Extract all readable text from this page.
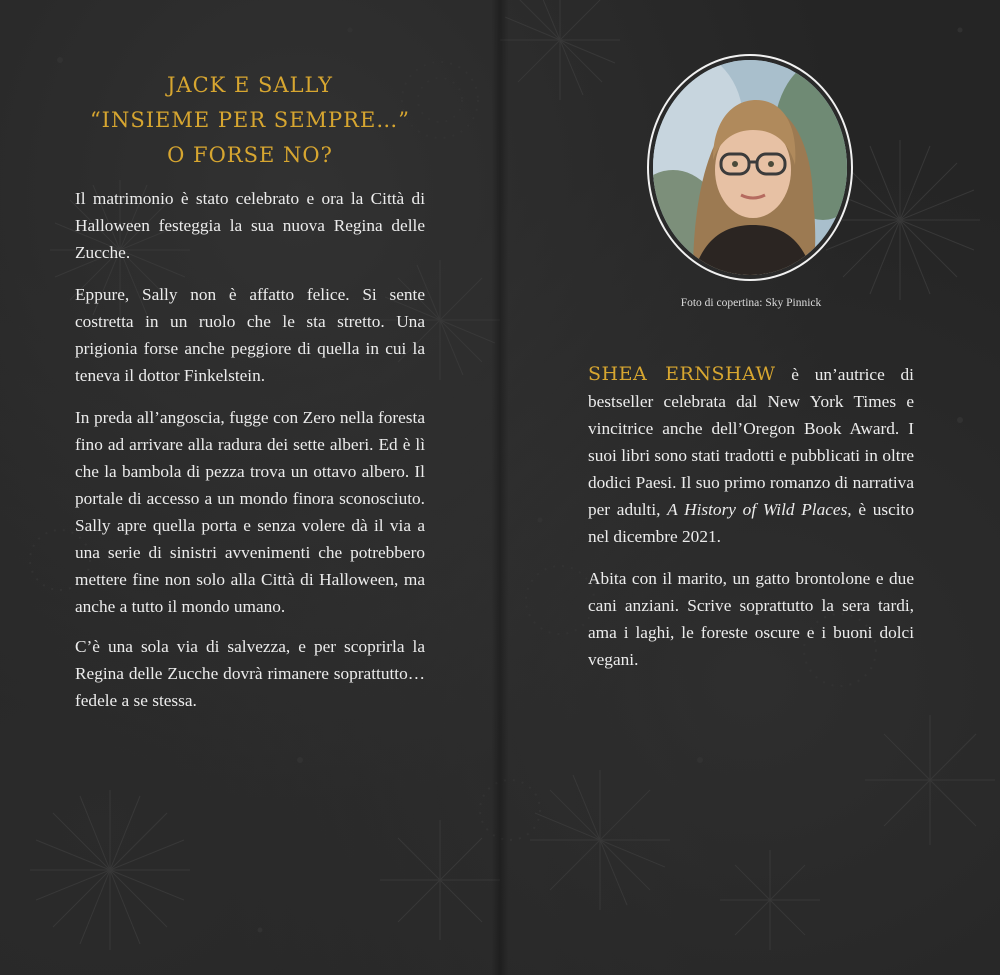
JACK E SALLY
“INSIEME PER SEMPRE…”
O FORSE NO?

Il matrimonio è stato celebrato e ora la Città di Halloween festeggia la sua nuova Regina delle Zucche.

Eppure, Sally non è affatto felice. Si sente costretta in un ruolo che le sta stretto. Una prigionia forse anche peggiore di quella in cui la teneva il dottor Finkelstein.

In preda all’angoscia, fugge con Zero nella foresta fino ad arrivare alla radura dei sette alberi. Ed è lì che la bambola di pezza trova un ottavo albero. Il portale di accesso a un mondo finora sconosciuto. Sally apre quella porta e senza volere dà il via a una serie di sinistri avvenimenti che potrebbero mettere fine non solo alla Città di Halloween, ma anche a tutto il mondo umano.

C’è una sola via di salvezza, e per scoprirla la Regina delle Zucche dovrà rimanere soprattutto… fedele a se stessa.

Foto di copertina: Sky Pinnick

SHEA ERNSHAW è un’autrice di bestseller celebrata dal New York Times e vincitrice anche dell’Oregon Book Award. I suoi libri sono stati tradotti e pubblicati in oltre dodici Paesi. Il suo primo romanzo di narrativa per adulti, A History of Wild Places, è uscito nel dicembre 2021.

Abita con il marito, un gatto brontolone e due cani anziani. Scrive soprattutto la sera tardi, ama i laghi, le foreste oscure e i buoni dolci vegani.
